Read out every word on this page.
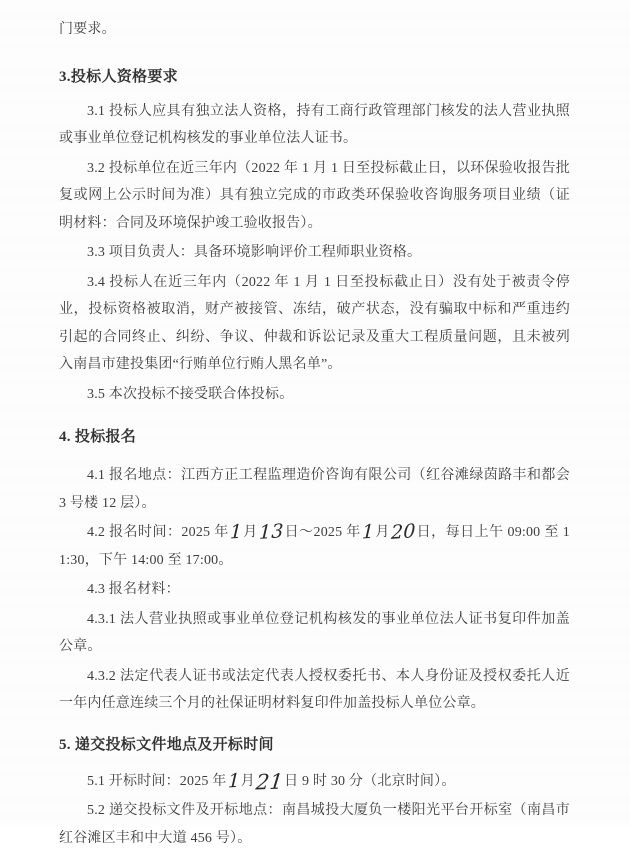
门要求。

3.投标人资格要求

3.1 投标人应具有独立法人资格，持有工商行政管理部门核发的法人营业执照或事业单位登记机构核发的事业单位法人证书。

3.2 投标单位在近三年内（2022 年 1 月 1 日至投标截止日，以环保验收报告批复或网上公示时间为准）具有独立完成的市政类环保验收咨询服务项目业绩（证明材料：合同及环境保护竣工验收报告）。

3.3 项目负责人：具备环境影响评价工程师职业资格。

3.4 投标人在近三年内（2022 年 1 月 1 日至投标截止日）没有处于被责令停业，投标资格被取消，财产被接管、冻结，破产状态，没有骗取中标和严重违约引起的合同终止、纠纷、争议、仲裁和诉讼记录及重大工程质量问题，且未被列入南昌市建投集团“行贿单位行贿人黑名单”。

3.5 本次投标不接受联合体投标。

4. 投标报名

4.1 报名地点：江西方正工程监理造价咨询有限公司（红谷滩绿茵路丰和都会 3 号楼 12 层）。

4.2 报名时间：2025 年1月13日～2025 年1月20日，每日上午 09:00 至 11:30，下午 14:00 至 17:00。

4.3 报名材料：

4.3.1 法人营业执照或事业单位登记机构核发的事业单位法人证书复印件加盖公章。

4.3.2 法定代表人证书或法定代表人授权委托书、本人身份证及授权委托人近一年内任意连续三个月的社保证明材料复印件加盖投标人单位公章。

5. 递交投标文件地点及开标时间

5.1 开标时间：2025 年1月21日 9 时 30 分（北京时间）。

5.2 递交投标文件及开标地点：南昌城投大厦负一楼阳光平台开标室（南昌市红谷滩区丰和中大道 456 号）。
